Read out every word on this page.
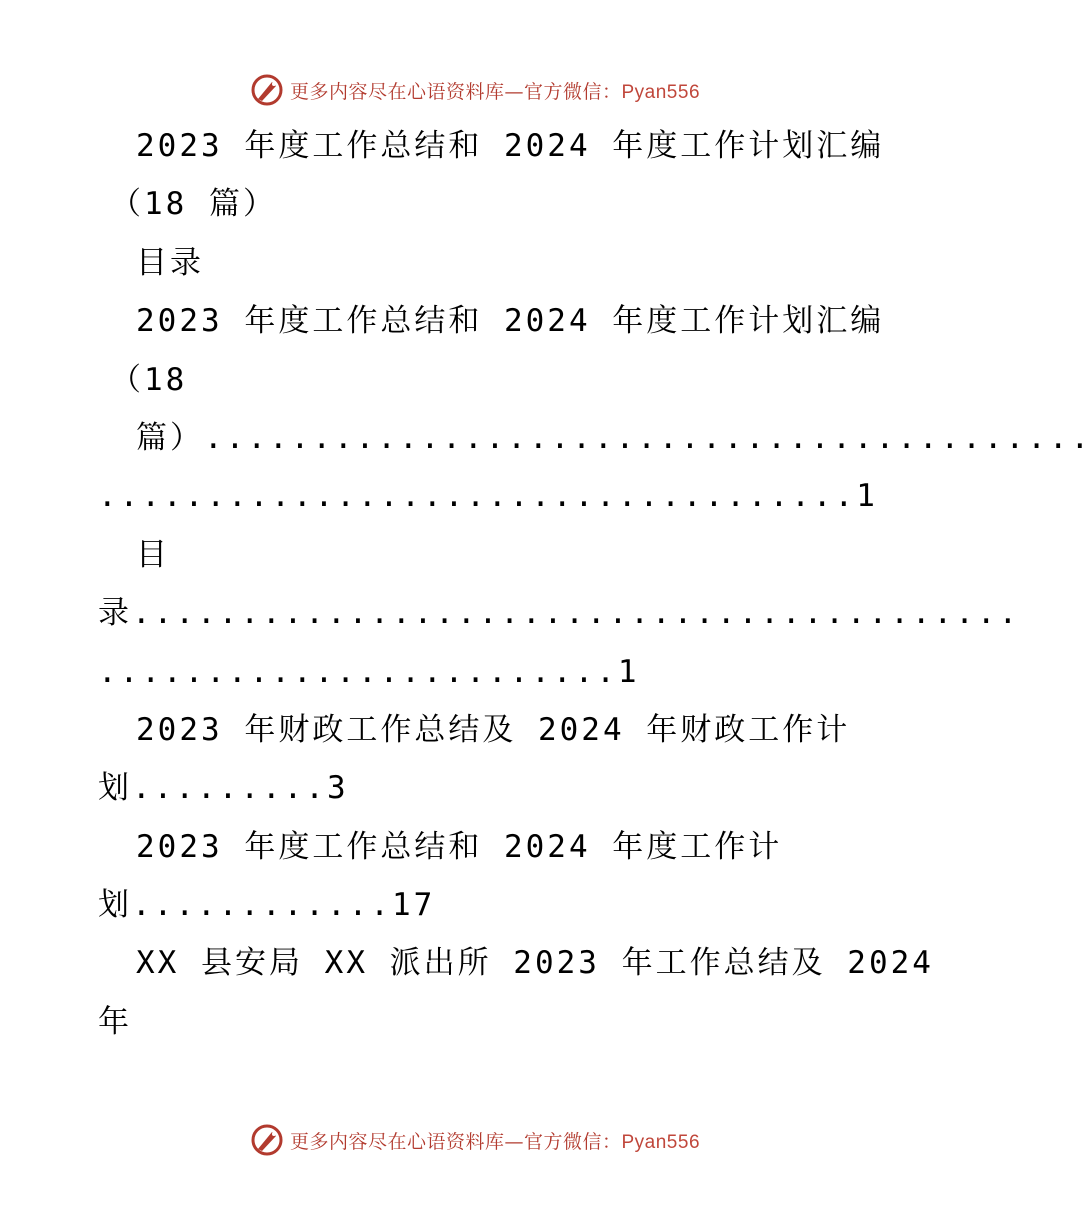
更多内容尽在心语资料库—官方微信：Pyan556
2023 年度工作总结和 2024 年度工作计划汇编
（18 篇）
目录
2023 年度工作总结和 2024 年度工作计划汇编
（18
篇）.........................................
...................................1
目
录.........................................
........................1
2023 年财政工作总结及 2024 年财政工作计
划.........3
2023 年度工作总结和 2024 年度工作计
划............17
XX 县安局 XX 派出所 2023 年工作总结及 2024
年
更多内容尽在心语资料库—官方微信：Pyan556
